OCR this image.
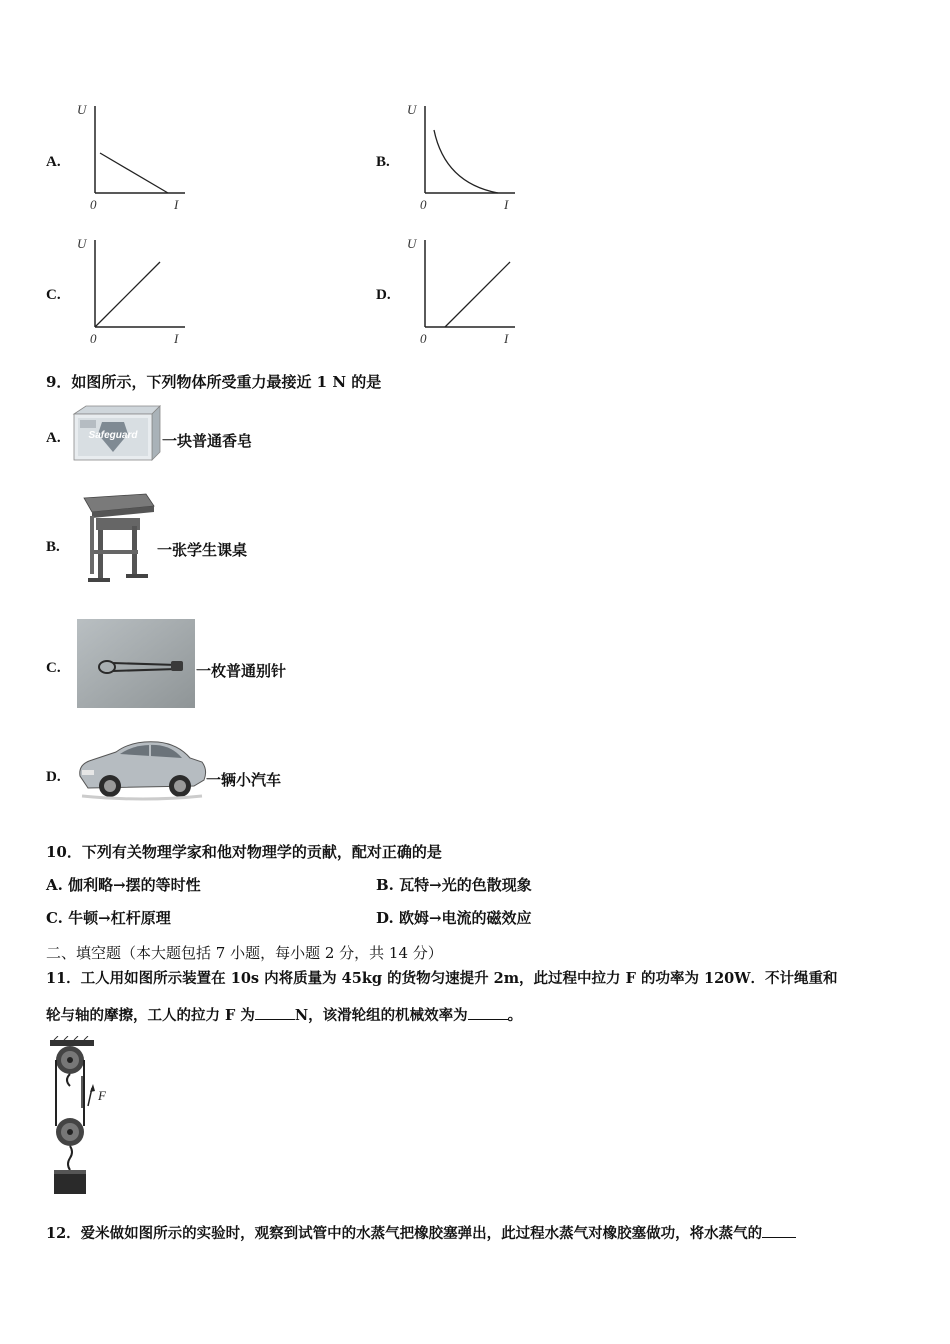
A.
U
I
0
B.
U
I
0
C.
U
I
0
D.
U
I
0
9．如图所示，下列物体所受重力最接近 1 N 的是
A.	Safeguard 一块普通香皂
B.	一张学生课桌
C.	一枚普通别针
D.	一辆小汽车
10．下列有关物理学家和他对物理学的贡献，配对正确的是
A. 伽利略→摆的等时性	B. 瓦特→光的色散现象
C. 牛顿→杠杆原理	D. 欧姆→电流的磁效应
二、填空题（本大题包括 7 小题，每小题 2 分，共 14 分）
11．工人用如图所示装置在 10s 内将质量为 45kg 的货物匀速提升 2m，此过程中拉力 F 的功率为 120W．不计绳重和
轮与轴的摩擦，工人的拉力 F 为	N，该滑轮组的机械效率为	。
F
12．爱米做如图所示的实验时，观察到试管中的水蒸气把橡胶塞弹出，此过程水蒸气对橡胶塞做功，将水蒸气的
